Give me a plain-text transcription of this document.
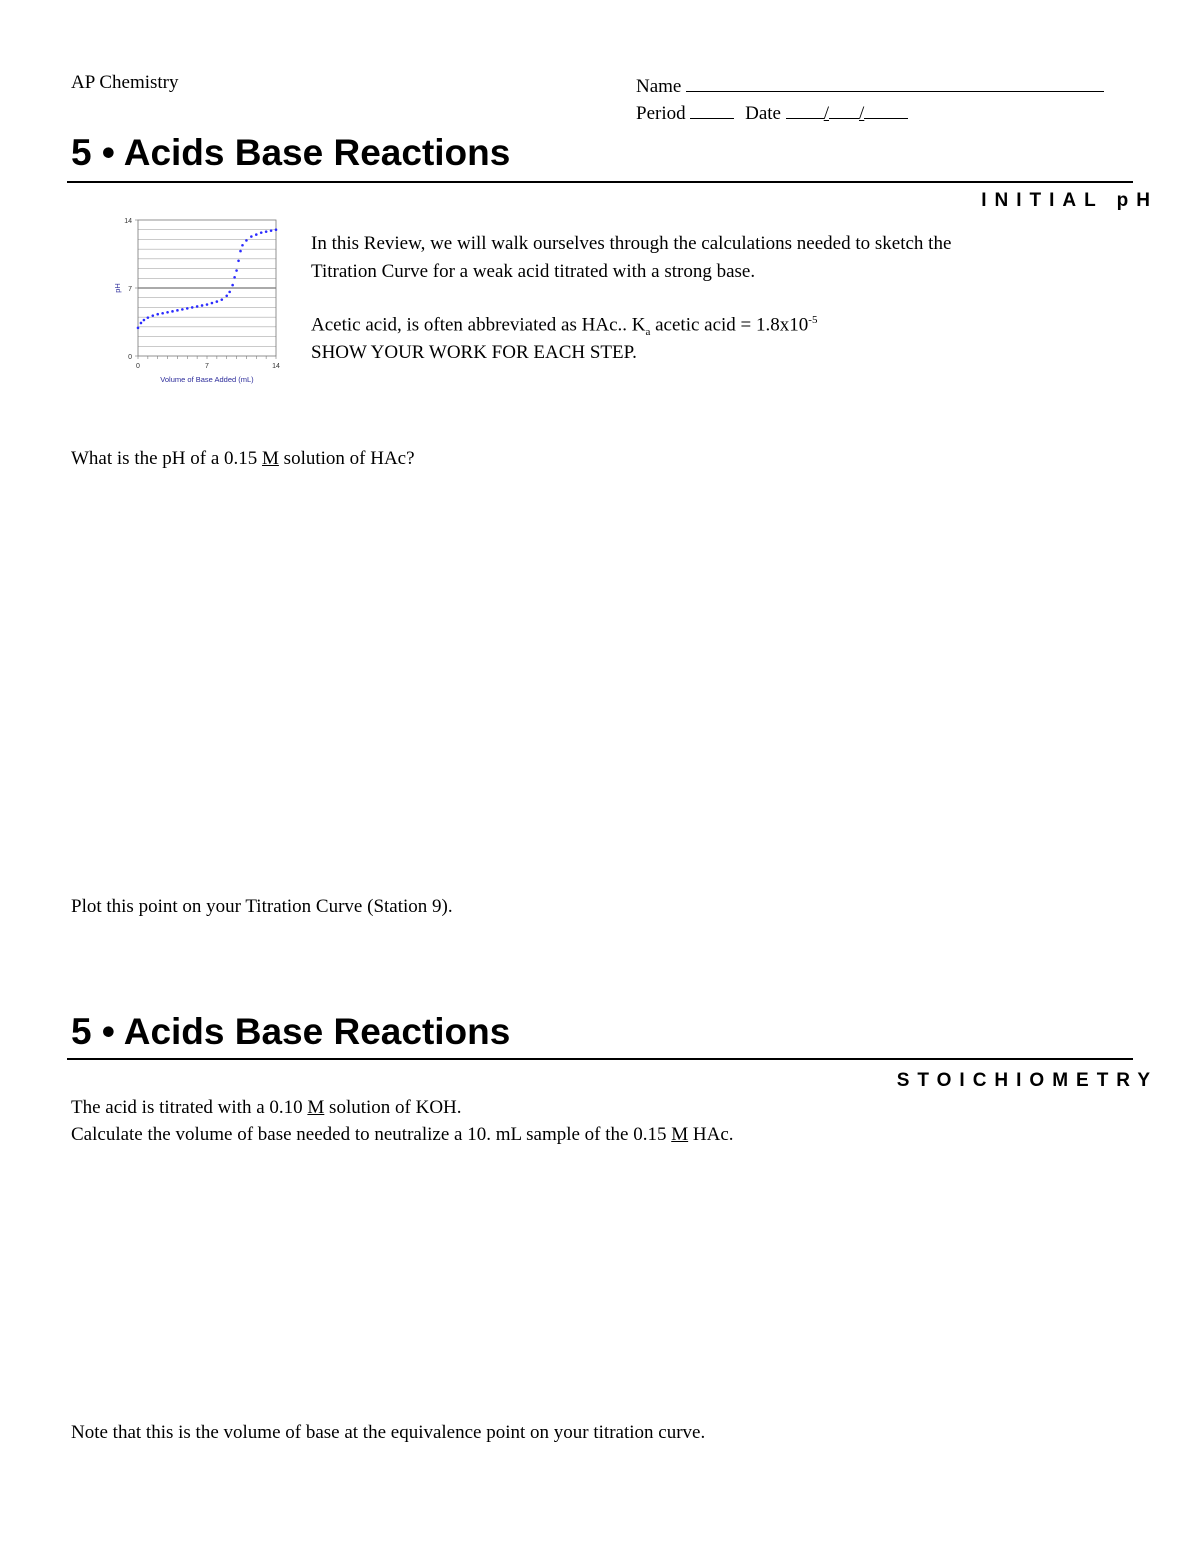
AP Chemistry	Name
Period	Date / /
5 • Acids Base Reactions
INITIAL pH
0
7
14
0	7	14
Volume of Base Added (mL)
pH
In this Review, we will walk ourselves through the calculations needed to sketch the
Titration Curve for a weak acid titrated with a strong base.
Acetic acid, is often abbreviated as HAc.. $K_a$ acetic acid = $1.8x10^{-5}$
SHOW YOUR WORK FOR EACH STEP.
What is the pH of a 0.15 M solution of HAc?
Plot this point on your Titration Curve (Station 9).
5 • Acids Base Reactions
STOICHIOMETRY
The acid is titrated with a 0.10 M solution of KOH.
Calculate the volume of base needed to neutralize a 10. mL sample of the 0.15 M HAc.
Note that this is the volume of base at the equivalence point on your titration curve.
